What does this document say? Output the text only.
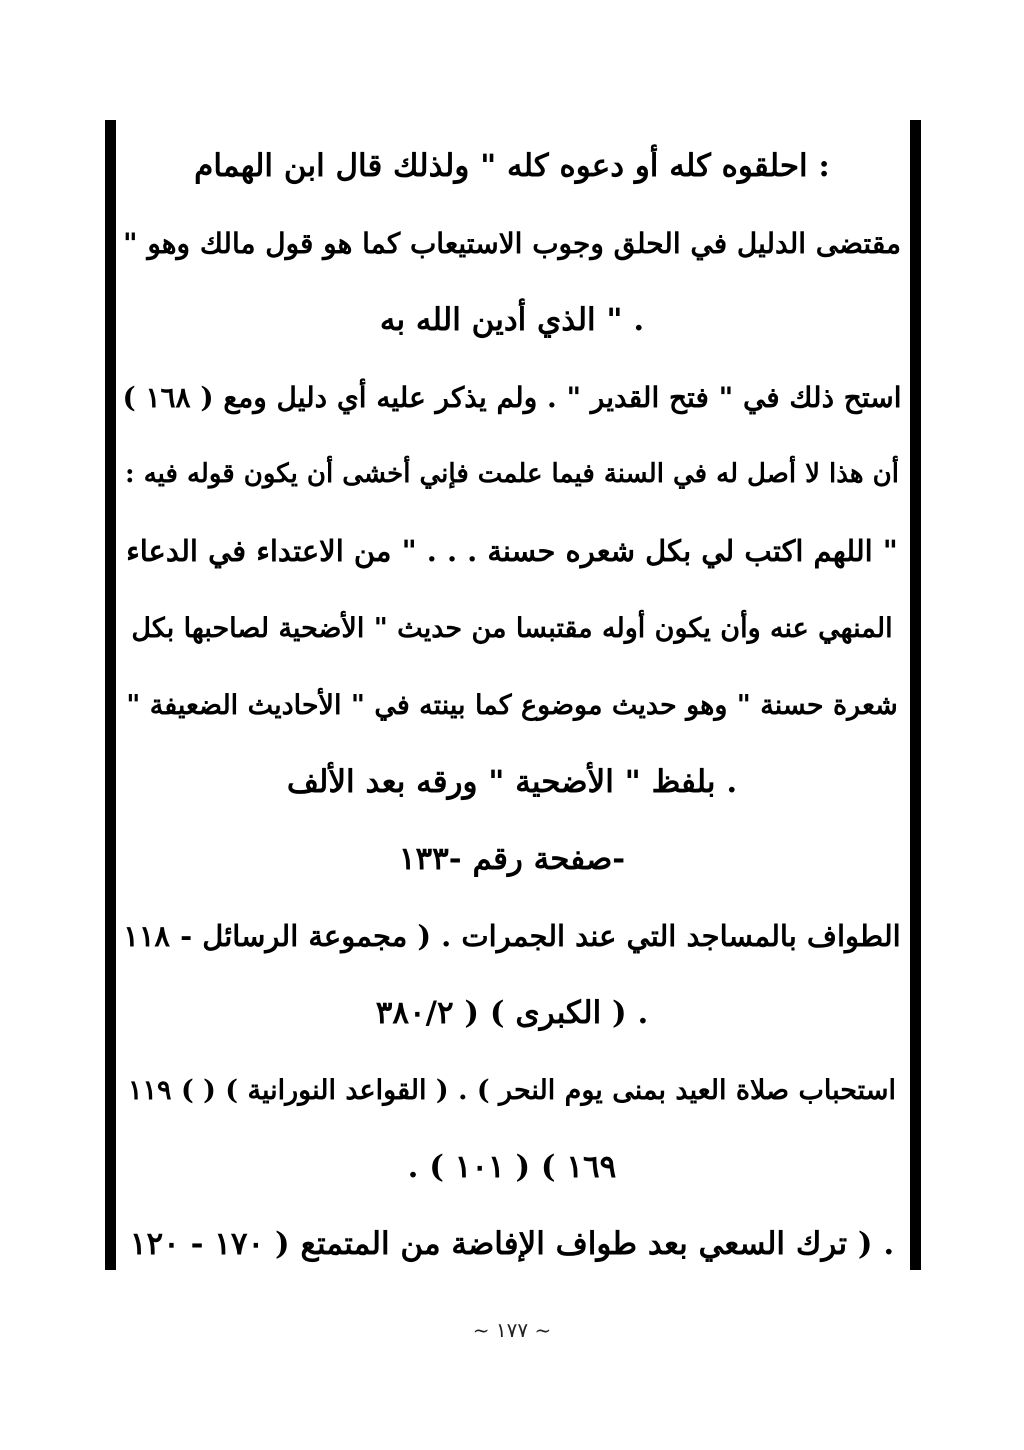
: احلقوه كله أو دعوه كله " ولذلك قال ابن الهمام
مقتضى الدليل في الحلق وجوب الاستيعاب كما هو قول مالك وهو "
. " الذي أدين الله به
استح ذلك في " فتح القدير " . ولم يذكر عليه أي دليل ومع ( ١٦٨ )
أن هذا لا أصل له في السنة فيما علمت فإني أخشى أن يكون قوله فيه :
" اللهم اكتب لي بكل شعره حسنة . . . " من الاعتداء في الدعاء
المنهي عنه وأن يكون أوله مقتبسا من حديث " الأضحية لصاحبها بكل
شعرة حسنة " وهو حديث موضوع كما بينته في " الأحاديث الضعيفة "
. بلفظ " الأضحية " ورقه بعد الألف
-صفحة رقم -١٣٣
الطواف بالمساجد التي عند الجمرات . ( مجموعة الرسائل - ١١٨
. ( الكبرى ) ( ٣٨٠/٢
استحباب صلاة العيد بمنى يوم النحر ) . ( القواعد النورانية ) ( ) ١١٩
. ( ١٠١ ) ( ١٦٩
. ( ترك السعي بعد طواف الإفاضة من المتمتع ( ١٧٠ - ١٢٠
~ ١٧٧ ~
